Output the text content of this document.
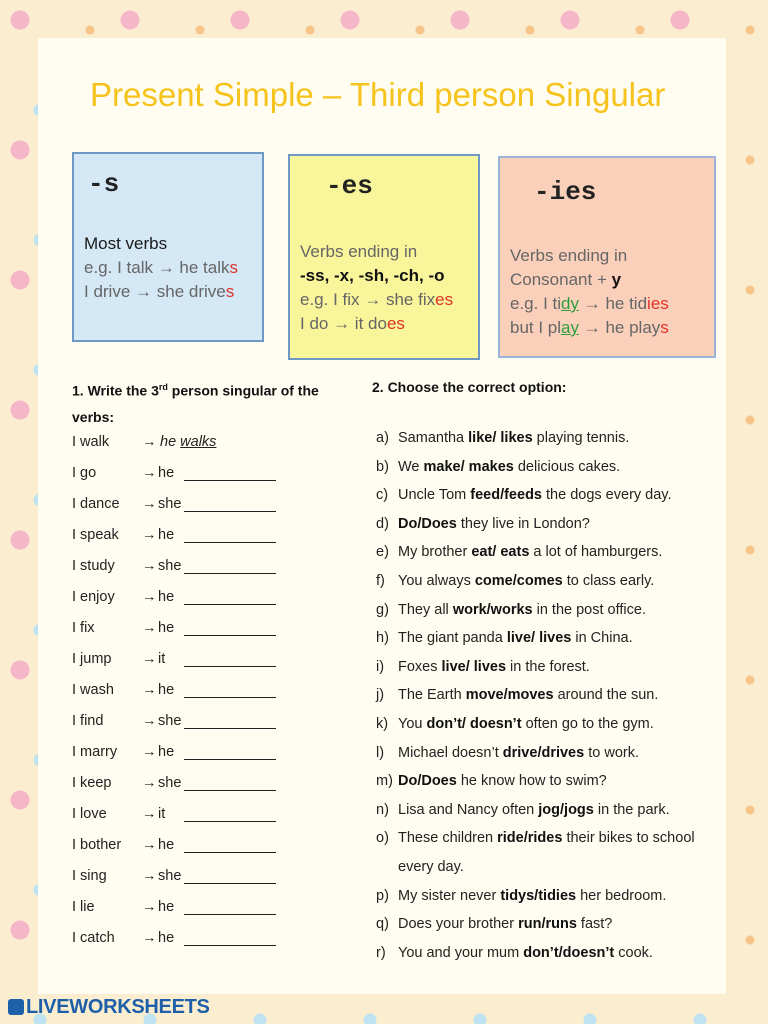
Present Simple – Third person Singular
-s
Most verbs
e.g. I talk → he talks
I drive → she drives
-es
Verbs ending in
-ss, -x, -sh, -ch, -o
e.g. I fix → she fixes
I do → it does
-ies
Verbs ending in
Consonant + y
e.g. I tidy → he tidies
but I play → he plays

1. Write the 3rd person singular of the verbs:

I walk → he walks
I go	→ he
I dance → she
I speak → he
I study → she
I enjoy → he
I fix	→ he
I jump → it
I wash → he
I find	→ she
I marry → he
I keep → she
I love → it
I bother → he
I sing → she
I lie	→ he
I catch → he

2. Choose the correct option:

a) Samantha like/ likes playing tennis.
b) We make/ makes delicious cakes.
c) Uncle Tom feed/feeds the dogs every day.
d) Do/Does they live in London?
e) My brother eat/ eats a lot of hamburgers.
f) You always come/comes to class early.
g) They all work/works in the post office.
h) The giant panda live/ lives in China.
i) Foxes live/ lives in the forest.
j) The Earth move/moves around the sun.
k) You don’t/ doesn’t often go to the gym.
l) Michael doesn’t drive/drives to work.
m) Do/Does he know how to swim?
n) Lisa and Nancy often jog/jogs in the park.
o) These children ride/rides their bikes to school every day.
p) My sister never tidys/tidies her bedroom.
q) Does your brother run/runs fast?
r) You and your mum don’t/doesn’t cook.
LIVEWORKSHEETS
